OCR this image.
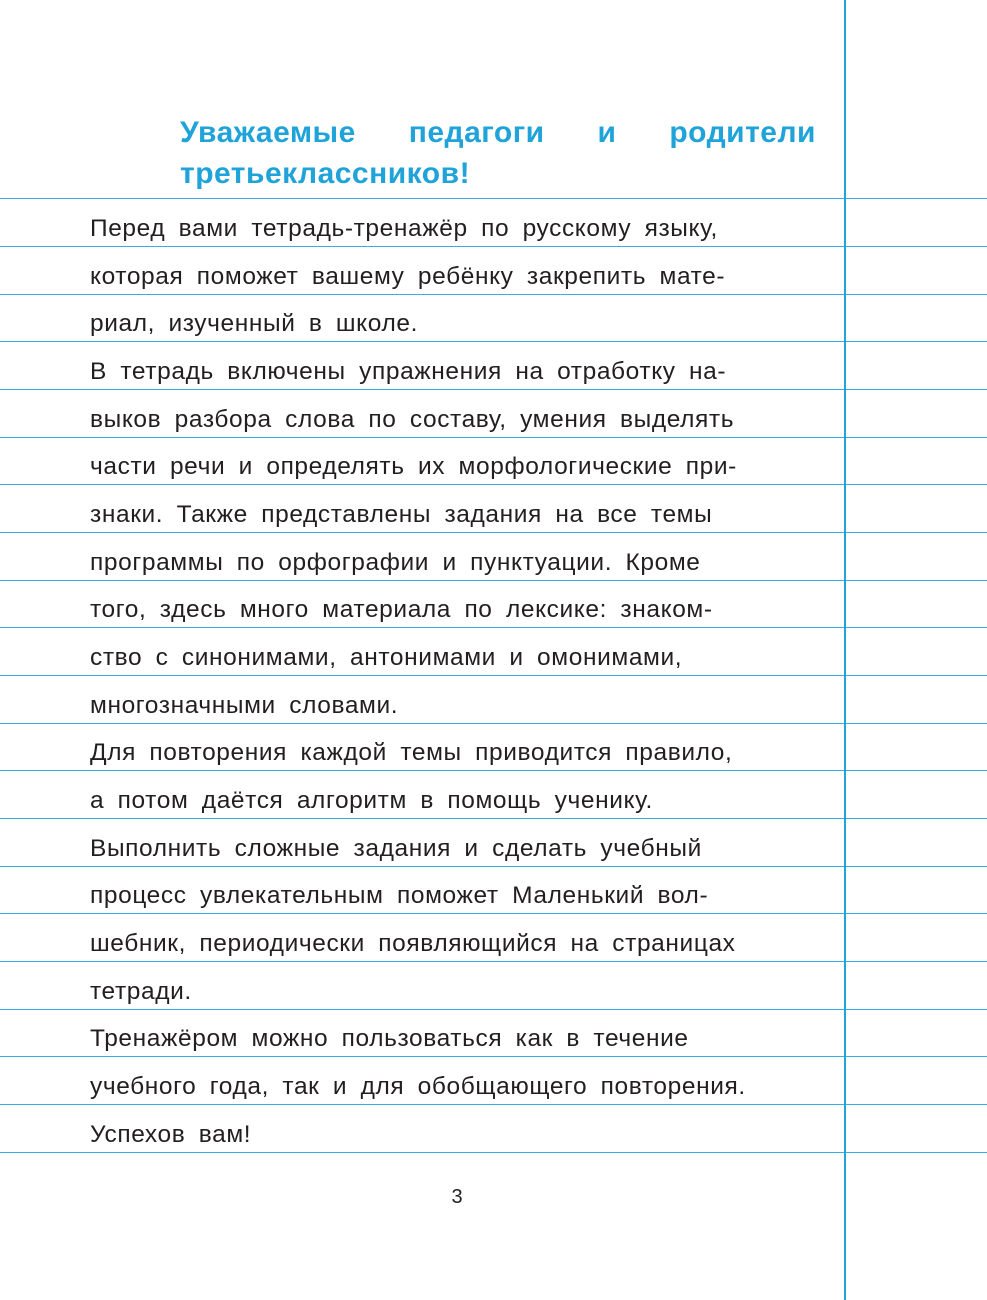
Уважаемые педагоги и родители
третьеклассников!
Перед вами тетрадь-тренажёр по русскому языку,
которая поможет вашему ребёнку закрепить мате-
риал, изученный в школе.
В тетрадь включены упражнения на отработку на-
выков разбора слова по составу, умения выделять
части речи и определять их морфологические при-
знаки. Также представлены задания на все темы
программы по орфографии и пунктуации. Кроме
того, здесь много материала по лексике: знаком-
ство с синонимами, антонимами и омонимами,
многозначными словами.
Для повторения каждой темы приводится правило,
а потом даётся алгоритм в помощь ученику.
Выполнить сложные задания и сделать учебный
процесс увлекательным поможет Маленький вол-
шебник, периодически появляющийся на страницах
тетради.
Тренажёром можно пользоваться как в течение
учебного года, так и для обобщающего повторения.
Успехов вам!
3
